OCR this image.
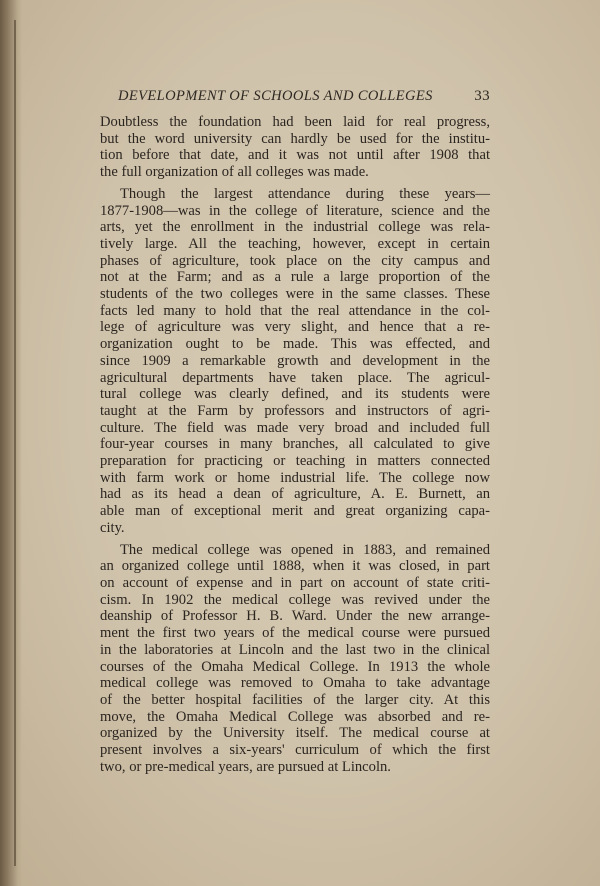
DEVELOPMENT OF SCHOOLS AND COLLEGES	33

Doubtless the foundation had been laid for real progress,
but the word university can hardly be used for the institu-
tion before that date, and it was not until after 1908 that
the full organization of all colleges was made.

Though the largest attendance during these years—
1877-1908—was in the college of literature, science and the
arts, yet the enrollment in the industrial college was rela-
tively large. All the teaching, however, except in certain
phases of agriculture, took place on the city campus and
not at the Farm; and as a rule a large proportion of the
students of the two colleges were in the same classes. These
facts led many to hold that the real attendance in the col-
lege of agriculture was very slight, and hence that a re-
organization ought to be made. This was effected, and
since 1909 a remarkable growth and development in the
agricultural departments have taken place. The agricul-
tural college was clearly defined, and its students were
taught at the Farm by professors and instructors of agri-
culture. The field was made very broad and included full
four-year courses in many branches, all calculated to give
preparation for practicing or teaching in matters connected
with farm work or home industrial life. The college now
had as its head a dean of agriculture, A. E. Burnett, an
able man of exceptional merit and great organizing capa-
city.

The medical college was opened in 1883, and remained
an organized college until 1888, when it was closed, in part
on account of expense and in part on account of state criti-
cism. In 1902 the medical college was revived under the
deanship of Professor H. B. Ward. Under the new arrange-
ment the first two years of the medical course were pursued
in the laboratories at Lincoln and the last two in the clinical
courses of the Omaha Medical College. In 1913 the whole
medical college was removed to Omaha to take advantage
of the better hospital facilities of the larger city. At this
move, the Omaha Medical College was absorbed and re-
organized by the University itself. The medical course at
present involves a six-years' curriculum of which the first
two, or pre-medical years, are pursued at Lincoln.
